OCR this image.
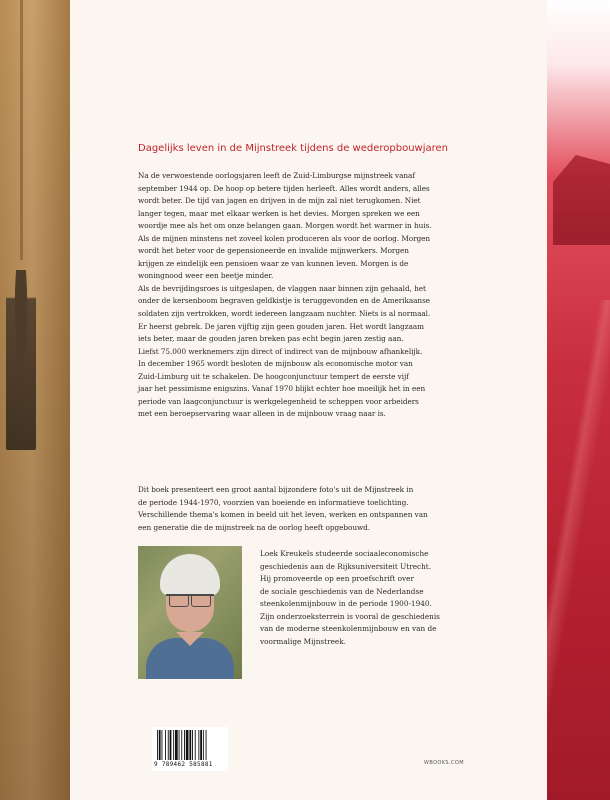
Dagelijks leven in de Mijnstreek tijdens de wederopbouwjaren

Na de verwoestende oorlogsjaren leeft de Zuid-Limburgse mijnstreek vanaf
september 1944 op. De hoop op betere tijden herleeft. Alles wordt anders, alles
wordt beter. De tijd van jagen en drijven in de mijn zal niet terugkomen. Niet
langer tegen, maar met elkaar werken is het devies. Morgen spreken we een
woordje mee als het om onze belangen gaan. Morgen wordt het warmer in huis.
Als de mijnen minstens net zoveel kolen produceren als voor de oorlog. Morgen
wordt het beter voor de gepensioneerde en invalide mijnwerkers. Morgen
krijgen ze eindelijk een pensioen waar ze van kunnen leven. Morgen is de
woningnood weer een beetje minder.
Als de bevrijdingsroes is uitgeslapen, de vlaggen naar binnen zijn gehaald, het
onder de kersenboom begraven geldkistje is teruggevonden en de Amerikaanse
soldaten zijn vertrokken, wordt iedereen langzaam nuchter. Niets is al normaal.
Er heerst gebrek. De jaren vijftig zijn geen gouden jaren. Het wordt langzaam
iets beter, maar de gouden jaren breken pas echt begin jaren zestig aan.
Liefst 75.000 werknemers zijn direct of indirect van de mijnbouw afhankelijk.
In december 1965 wordt besloten de mijnbouw als economische motor van
Zuid-Limburg uit te schakelen. De hoogconjunctuur tempert de eerste vijf
jaar het pessimisme enigszins. Vanaf 1970 blijkt echter hoe moeilijk het in een
periode van laagconjunctuur is werkgelegenheid te scheppen voor arbeiders
met een beroepservaring waar alleen in de mijnbouw vraag naar is.

Dit boek presenteert een groot aantal bijzondere foto's uit de Mijnstreek in
de periode 1944-1970, voorzien van boeiende en informatieve toelichting.
Verschillende thema's komen in beeld uit het leven, werken en ontspannen van
een generatie die de mijnstreek na de oorlog heeft opgebouwd.

Loek Kreukels studeerde sociaaleconomische
geschiedenis aan de Rijksuniversiteit Utrecht.
Hij promoveerde op een proefschrift over
de sociale geschiedenis van de Nederlandse
steenkolenmijnbouw in de periode 1900-1940.
Zijn onderzoeksterrein is vooral de geschiedenis
van de moderne steenkolenmijnbouw en van de
voormalige Mijnstreek.

9 789462 585881	WBOOKS.COM
